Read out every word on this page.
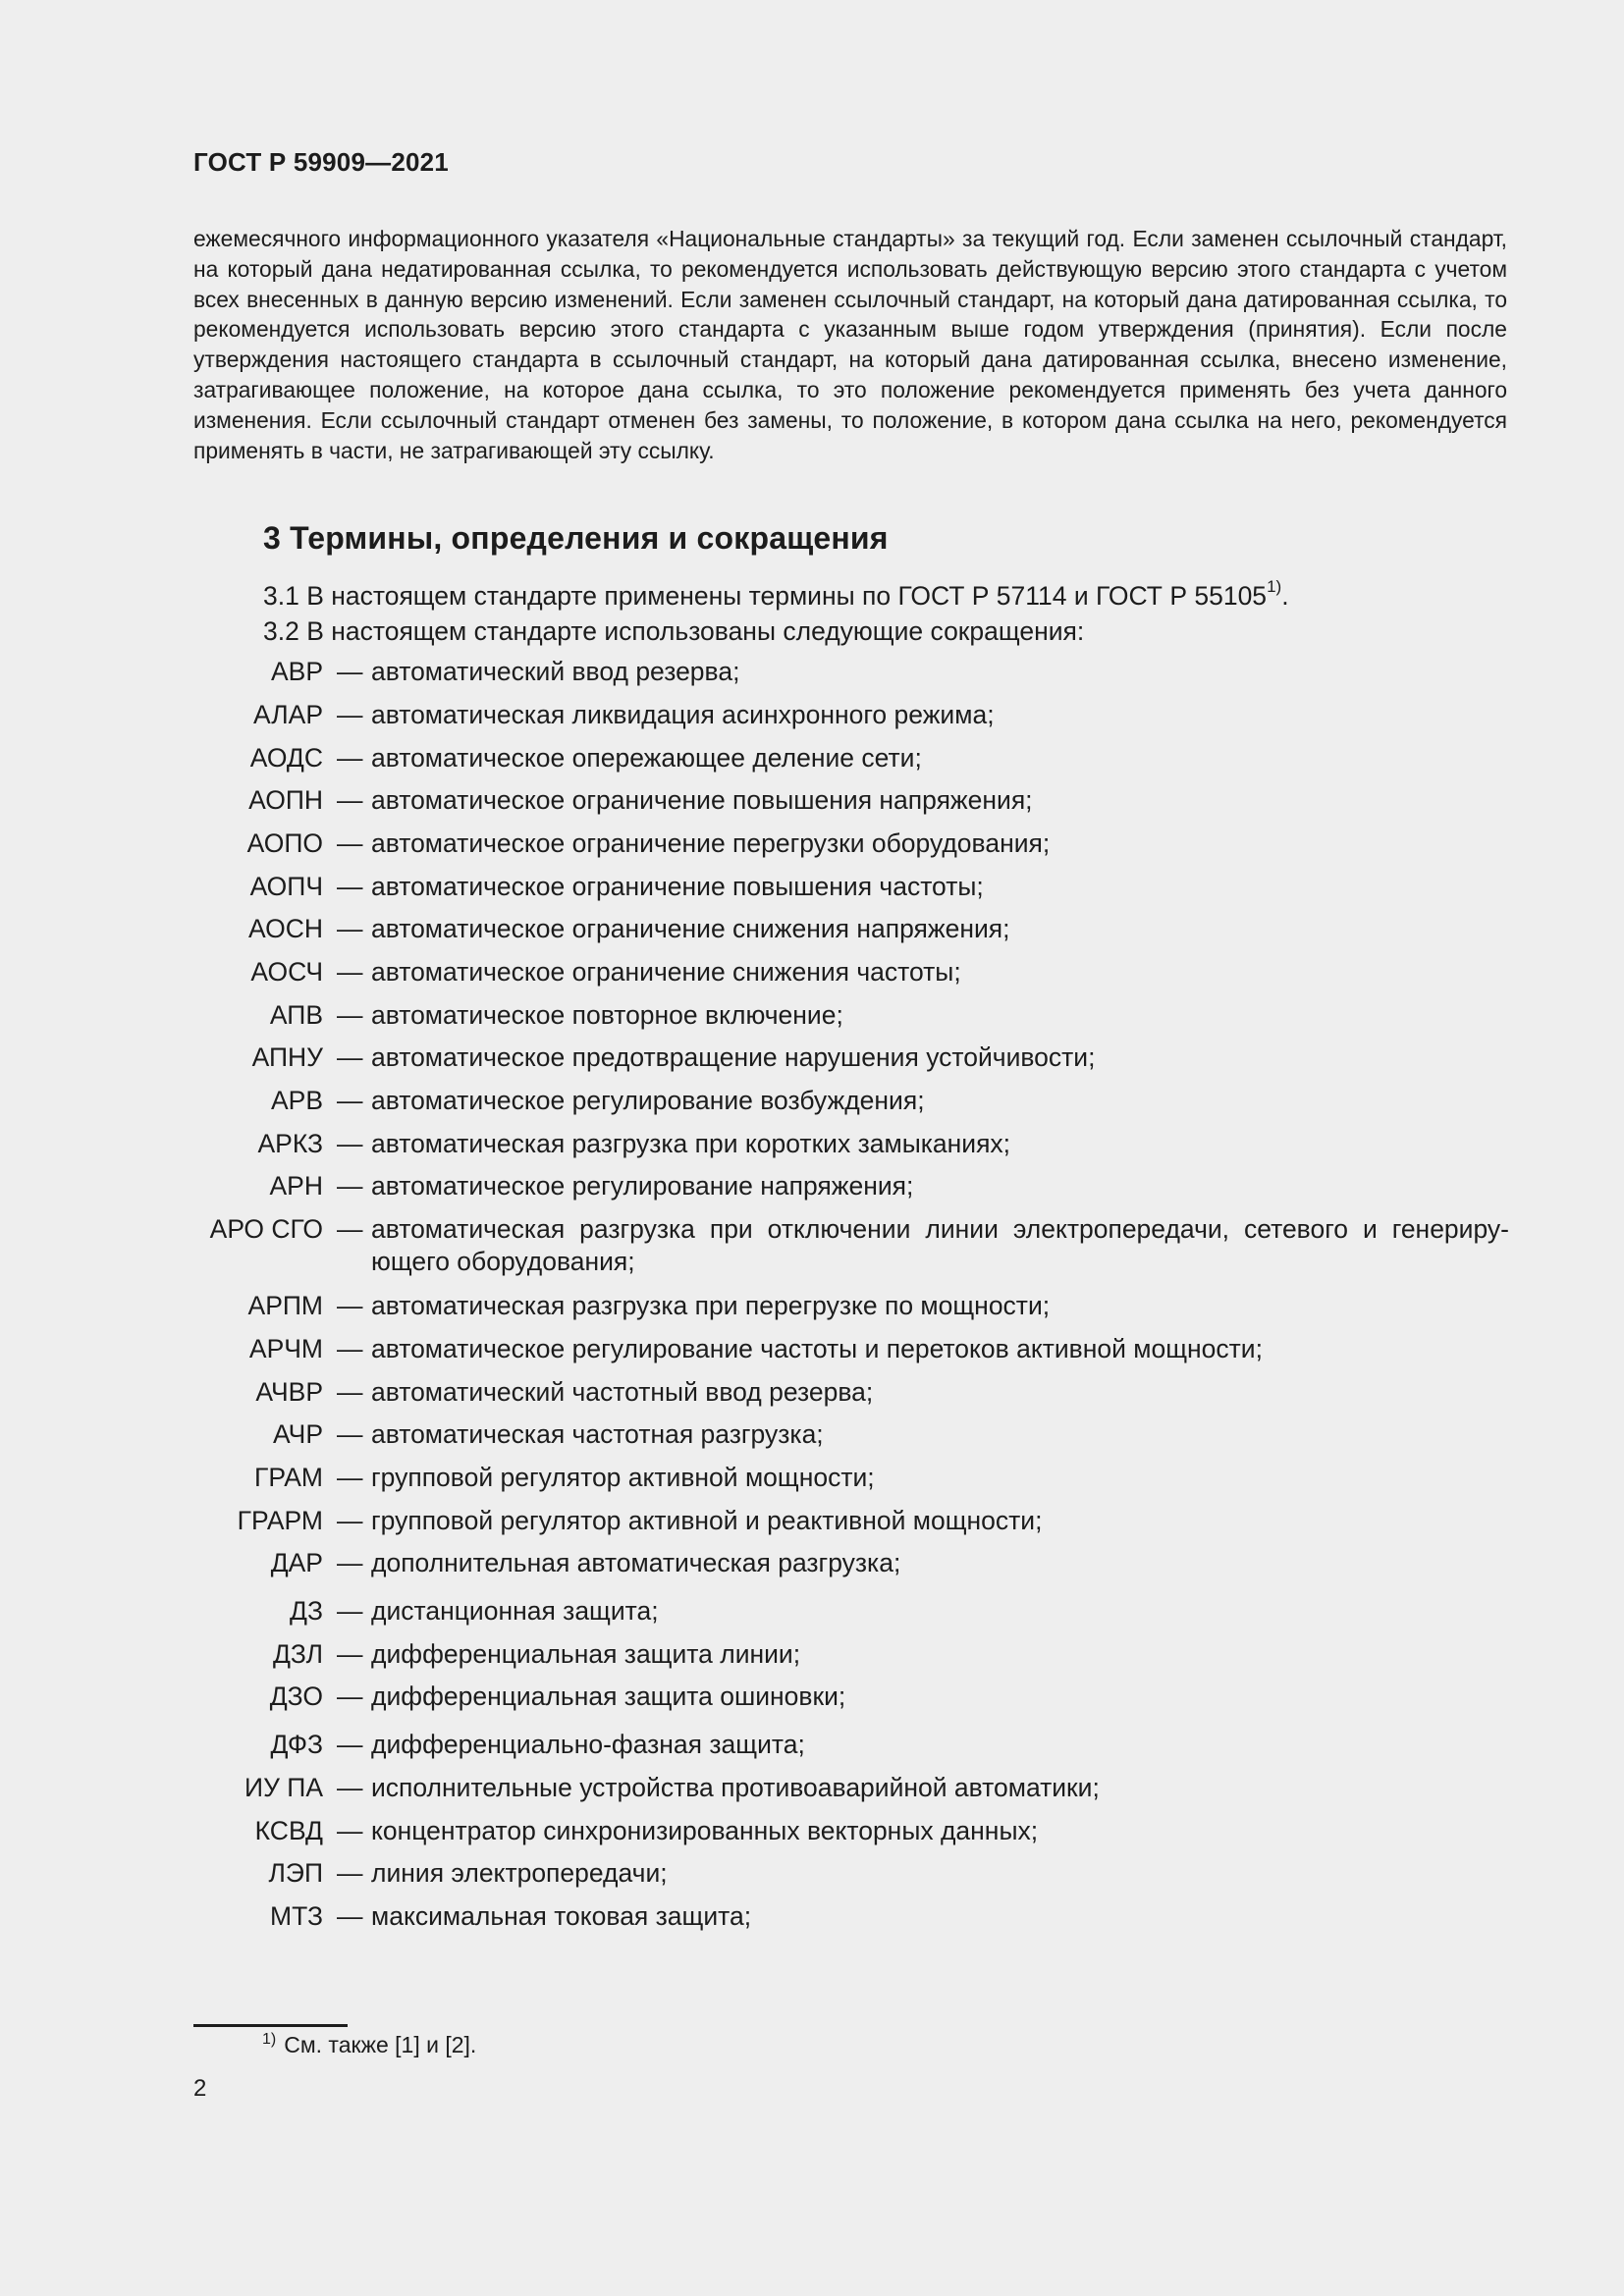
ГОСТ Р 59909—2021
ежемесячного информационного указателя «Национальные стандарты» за текущий год. Если заменен ссылочный стандарт, на который дана недатированная ссылка, то рекомендуется использовать действующую версию этого стандарта с учетом всех внесенных в данную версию изменений. Если заменен ссылочный стандарт, на который дана датированная ссылка, то рекомендуется использовать версию этого стандарта с указанным выше годом утверждения (принятия). Если после утверждения настоящего стандарта в ссылочный стандарт, на который дана датированная ссылка, внесено изменение, затрагивающее положение, на которое дана ссылка, то это положение рекомендуется применять без учета данного изменения. Если ссылочный стандарт отменен без замены, то положение, в котором дана ссылка на него, рекомендуется применять в части, не затрагивающей эту ссылку.
3 Термины, определения и сокращения
3.1 В настоящем стандарте применены термины по ГОСТ Р 57114 и ГОСТ Р 55105$^{1)}$.
3.2 В настоящем стандарте использованы следующие сокращения:
АВР — автоматический ввод резерва;
АЛАР — автоматическая ликвидация асинхронного режима;
АОДС — автоматическое опережающее деление сети;
АОПН — автоматическое ограничение повышения напряжения;
АОПО — автоматическое ограничение перегрузки оборудования;
АОПЧ — автоматическое ограничение повышения частоты;
АОСН — автоматическое ограничение снижения напряжения;
АОСЧ — автоматическое ограничение снижения частоты;
АПВ — автоматическое повторное включение;
АПНУ — автоматическое предотвращение нарушения устойчивости;
АРВ — автоматическое регулирование возбуждения;
АРКЗ — автоматическая разгрузка при коротких замыканиях;
АРН — автоматическое регулирование напряжения;
АРО СГО — автоматическая разгрузка при отключении линии электропередачи, сетевого и генерирующего оборудования;
АРПМ — автоматическая разгрузка при перегрузке по мощности;
АРЧМ — автоматическое регулирование частоты и перетоков активной мощности;
АЧВР — автоматический частотный ввод резерва;
АЧР — автоматическая частотная разгрузка;
ГРАМ — групповой регулятор активной мощности;
ГРАРМ — групповой регулятор активной и реактивной мощности;
ДАР — дополнительная автоматическая разгрузка;
ДЗ — дистанционная защита;
ДЗЛ — дифференциальная защита линии;
ДЗО — дифференциальная защита ошиновки;
ДФЗ — дифференциально-фазная защита;
ИУ ПА — исполнительные устройства противоаварийной автоматики;
КСВД — концентратор синхронизированных векторных данных;
ЛЭП — линия электропередачи;
МТЗ — максимальная токовая защита;
$^{1)}$ См. также [1] и [2].
2
